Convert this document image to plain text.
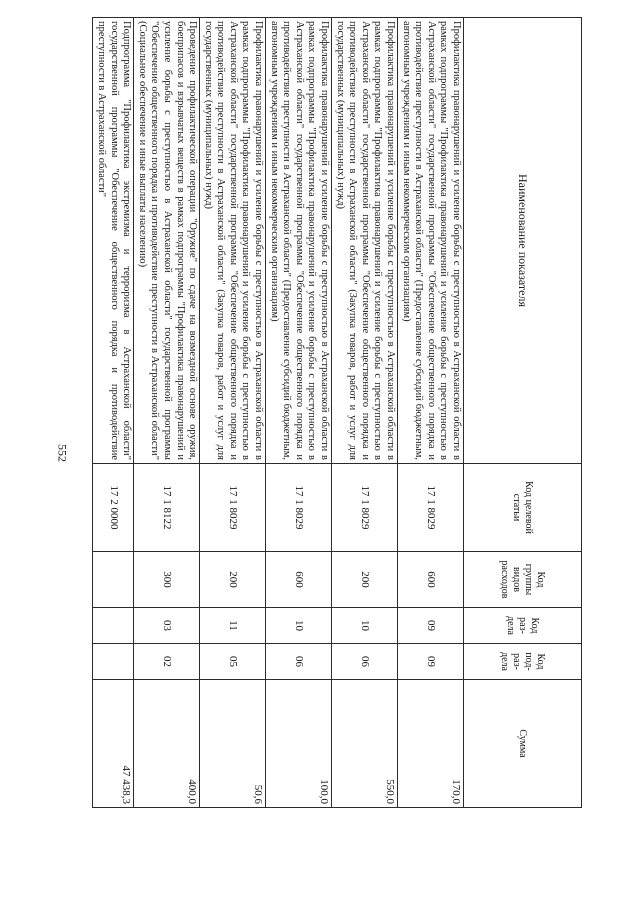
552
Наименование показателя	Код целевой статьи	Код группы видов расходов	Код раз-дела	Код под-раз-дела	Сумма
Профилактика правонарушений и усиление борьбы с преступностью в Астраханской области в рамках подпрограммы "Профилактика правонарушений и усиление борьбы с преступностью в Астраханской области" государственной программы "Обеспечение общественного порядка и противодействие преступности в Астраханской области" (Предоставление субсидий бюджетным, автономным учреждениям и иным некоммерческим организациям)	17 1 8029	600	09	09	170,0
Профилактика правонарушений и усиление борьбы с преступностью в Астраханской области в рамках подпрограммы "Профилактика правонарушений и усиление борьбы с преступностью в Астраханской области" государственной программы "Обеспечение общественного порядка и противодействие преступности в Астраханской области" (Закупка товаров, работ и услуг для государственных (муниципальных) нужд)	17 1 8029	200	10	06	550,0
Профилактика правонарушений и усиление борьбы с преступностью в Астраханской области в рамках подпрограммы "Профилактика правонарушений и усиление борьбы с преступностью в Астраханской области" государственной программы "Обеспечение общественного порядка и противодействие преступности в Астраханской области" (Предоставление субсидий бюджетным, автономным учреждениям и иным некоммерческим организациям)	17 1 8029	600	10	06	100,0
Профилактика правонарушений и усиление борьбы с преступностью в Астраханской области в рамках подпрограммы "Профилактика правонарушений и усиление борьбы с преступностью в Астраханской области" государственной программы "Обеспечение общественного порядка и противодействие преступности в Астраханской области" (Закупка товаров, работ и услуг для государственных (муниципальных) нужд)	17 1 8029	200	11	05	50,6
Проведение профилактической операции "Оружие" по сдаче на возмездной основе оружия, боеприпасов и взрывчатых веществ в рамках подпрограммы "Профилактика правонарушений и усиление борьбы с преступностью в Астраханской области" государственной программы "Обеспечение общественного порядка и противодействие преступности в Астраханской области" (Социальное обеспечение и иные выплаты населению)	17 1 8122	300	03	02	400,0
Подпрограмма "Профилактика экстремизма и терроризма в Астраханской области" государственной программы "Обеспечение общественного порядка и противодействие преступности в Астраханской области"	17 2 0000				47 438,3
